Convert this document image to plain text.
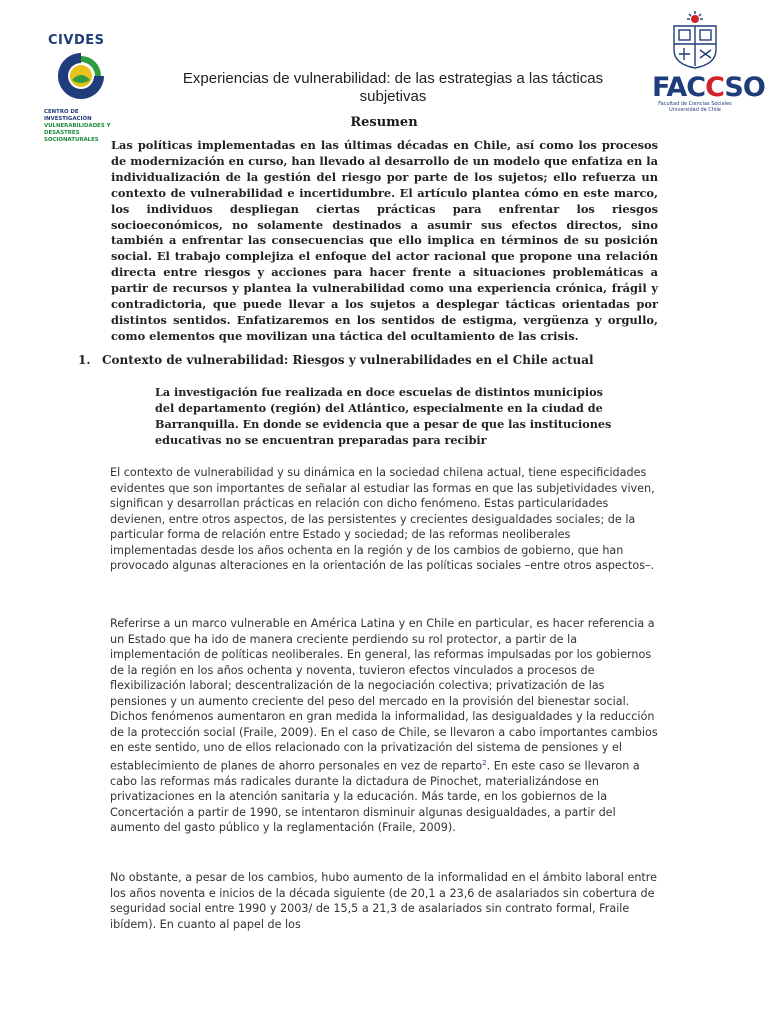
CIVDES
CENTRO DE INVESTIGACIÓN
VULNERABILIDADES Y DESASTRES SOCIONATURALES
FACCSO
Facultad de Ciencias Sociales Universidad de Chile
Experiencias de vulnerabilidad: de las estrategias a las tácticas subjetivas
Resumen
Las políticas implementadas en las últimas décadas en Chile, así como los procesos de modernización en curso, han llevado al desarrollo de un modelo que enfatiza en la individualización de la gestión del riesgo por parte de los sujetos; ello refuerza un contexto de vulnerabilidad e incertidumbre. El artículo plantea cómo en este marco, los individuos despliegan ciertas prácticas para enfrentar los riesgos socioeconómicos, no solamente destinados a asumir sus efectos directos, sino también a enfrentar las consecuencias que ello implica en términos de su posición social. El trabajo complejiza el enfoque del actor racional que propone una relación directa entre riesgos y acciones para hacer frente a situaciones problemáticas a partir de recursos y plantea la vulnerabilidad como una experiencia crónica, frágil y contradictoria, que puede llevar a los sujetos a desplegar tácticas orientadas por distintos sentidos. Enfatizaremos en los sentidos de estigma, vergüenza y orgullo, como elementos que movilizan una táctica del ocultamiento de las crisis.
1. Contexto de vulnerabilidad: Riesgos y vulnerabilidades en el Chile actual
La investigación fue realizada en doce escuelas de distintos municipios del departamento (región) del Atlántico, especialmente en la ciudad de Barranquilla. En donde se evidencia que a pesar de que las instituciones educativas no se encuentran preparadas para recibir

El contexto de vulnerabilidad y su dinámica en la sociedad chilena actual, tiene especificidades evidentes que son importantes de señalar al estudiar las formas en que las subjetividades viven, significan y desarrollan prácticas en relación con dicho fenómeno. Estas particularidades devienen, entre otros aspectos, de las persistentes y crecientes desigualdades sociales; de la particular forma de relación entre Estado y sociedad; de las reformas neoliberales implementadas desde los años ochenta en la región y de los cambios de gobierno, que han provocado algunas alteraciones en la orientación de las políticas sociales –entre otros aspectos–.

Referirse a un marco vulnerable en América Latina y en Chile en particular, es hacer referencia a un Estado que ha ido de manera creciente perdiendo su rol protector, a partir de la implementación de políticas neoliberales. En general, las reformas impulsadas por los gobiernos de la región en los años ochenta y noventa, tuvieron efectos vinculados a procesos de flexibilización laboral; descentralización de la negociación colectiva; privatización de las pensiones y un aumento creciente del peso del mercado en la provisión del bienestar social. Dichos fenómenos aumentaron en gran medida la informalidad, las desigualdades y la reducción de la protección social (Fraile, 2009). En el caso de Chile, se llevaron a cabo importantes cambios en este sentido, uno de ellos relacionado con la privatización del sistema de pensiones y el establecimiento de planes de ahorro personales en vez de reparto$^2$. En este caso se llevaron a cabo las reformas más radicales durante la dictadura de Pinochet, materializándose en privatizaciones en la atención sanitaria y la educación. Más tarde, en los gobiernos de la Concertación a partir de 1990, se intentaron disminuir algunas desigualdades, a partir del aumento del gasto público y la reglamentación (Fraile, 2009).

No obstante, a pesar de los cambios, hubo aumento de la informalidad en el ámbito laboral entre los años noventa e inicios de la década siguiente (de 20,1 a 23,6 de asalariados sin cobertura de seguridad social entre 1990 y 2003/ de 15,5 a 21,3 de asalariados sin contrato formal, Fraile ibídem). En cuanto al papel de los
